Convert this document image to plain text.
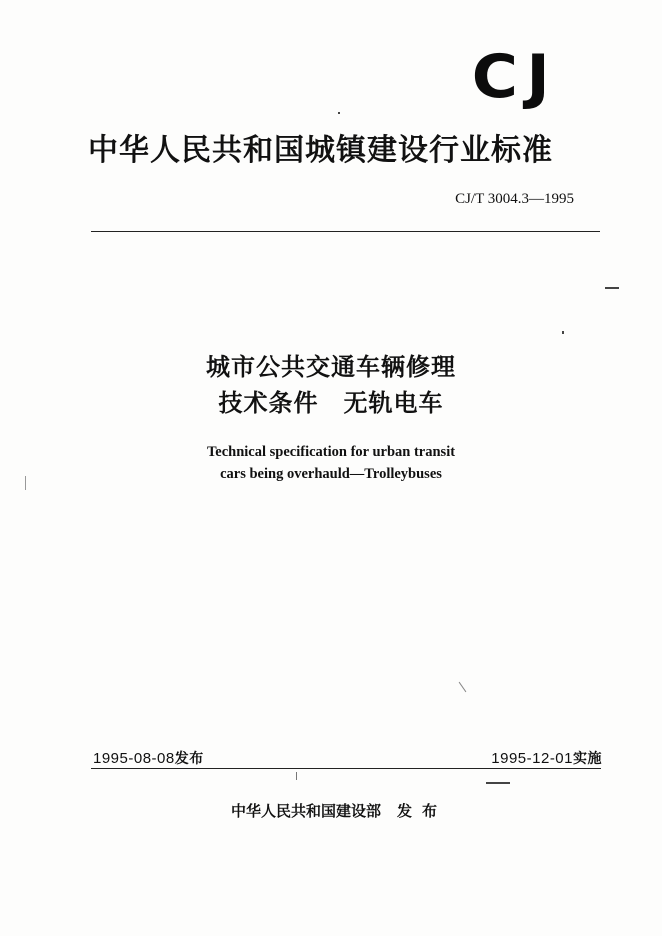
CJ
中华人民共和国城镇建设行业标准
CJ/T 3004.3—1995
城市公共交通车辆修理
技术条件　无轨电车
Technical specification for urban transit
cars being overhauld—Trolleybuses
1995-08-08发布	1995-12-01实施
中华人民共和国建设部 发布
